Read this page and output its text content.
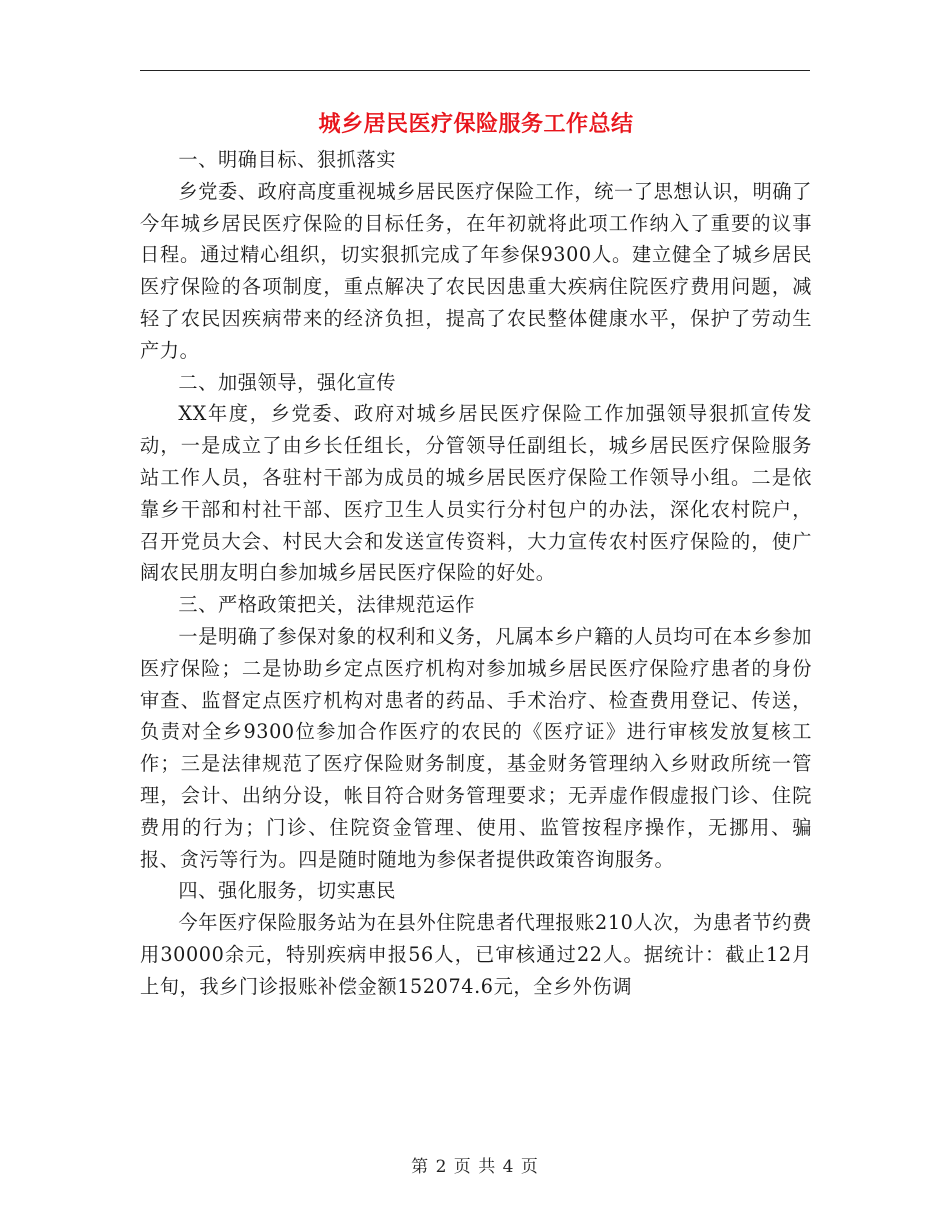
城乡居民医疗保险服务工作总结
一、明确目标、狠抓落实

乡党委、政府高度重视城乡居民医疗保险工作，统一了思想认识，明确了今年城乡居民医疗保险的目标任务，在年初就将此项工作纳入了重要的议事日程。通过精心组织，切实狠抓完成了年参保9300人。建立健全了城乡居民医疗保险的各项制度，重点解决了农民因患重大疾病住院医疗费用问题，减轻了农民因疾病带来的经济负担，提高了农民整体健康水平，保护了劳动生产力。

二、加强领导，强化宣传

XX年度，乡党委、政府对城乡居民医疗保险工作加强领导狠抓宣传发动，一是成立了由乡长任组长，分管领导任副组长，城乡居民医疗保险服务站工作人员，各驻村干部为成员的城乡居民医疗保险工作领导小组。二是依靠乡干部和村社干部、医疗卫生人员实行分村包户的办法，深化农村院户，召开党员大会、村民大会和发送宣传资料，大力宣传农村医疗保险的，使广阔农民朋友明白参加城乡居民医疗保险的好处。

三、严格政策把关，法律规范运作

一是明确了参保对象的权利和义务，凡属本乡户籍的人员均可在本乡参加医疗保险；二是协助乡定点医疗机构对参加城乡居民医疗保险疗患者的身份审查、监督定点医疗机构对患者的药品、手术治疗、检查费用登记、传送，负责对全乡9300位参加合作医疗的农民的《医疗证》进行审核发放复核工作；三是法律规范了医疗保险财务制度，基金财务管理纳入乡财政所统一管理，会计、出纳分设，帐目符合财务管理要求；无弄虚作假虚报门诊、住院费用的行为；门诊、住院资金管理、使用、监管按程序操作，无挪用、骗报、贪污等行为。四是随时随地为参保者提供政策咨询服务。

四、强化服务，切实惠民

今年医疗保险服务站为在县外住院患者代理报账210人次，为患者节约费用30000余元，特别疾病申报56人，已审核通过22人。据统计：截止12月上旬，我乡门诊报账补偿金额152074.6元，全乡外伤调

第 2 页 共 4 页
